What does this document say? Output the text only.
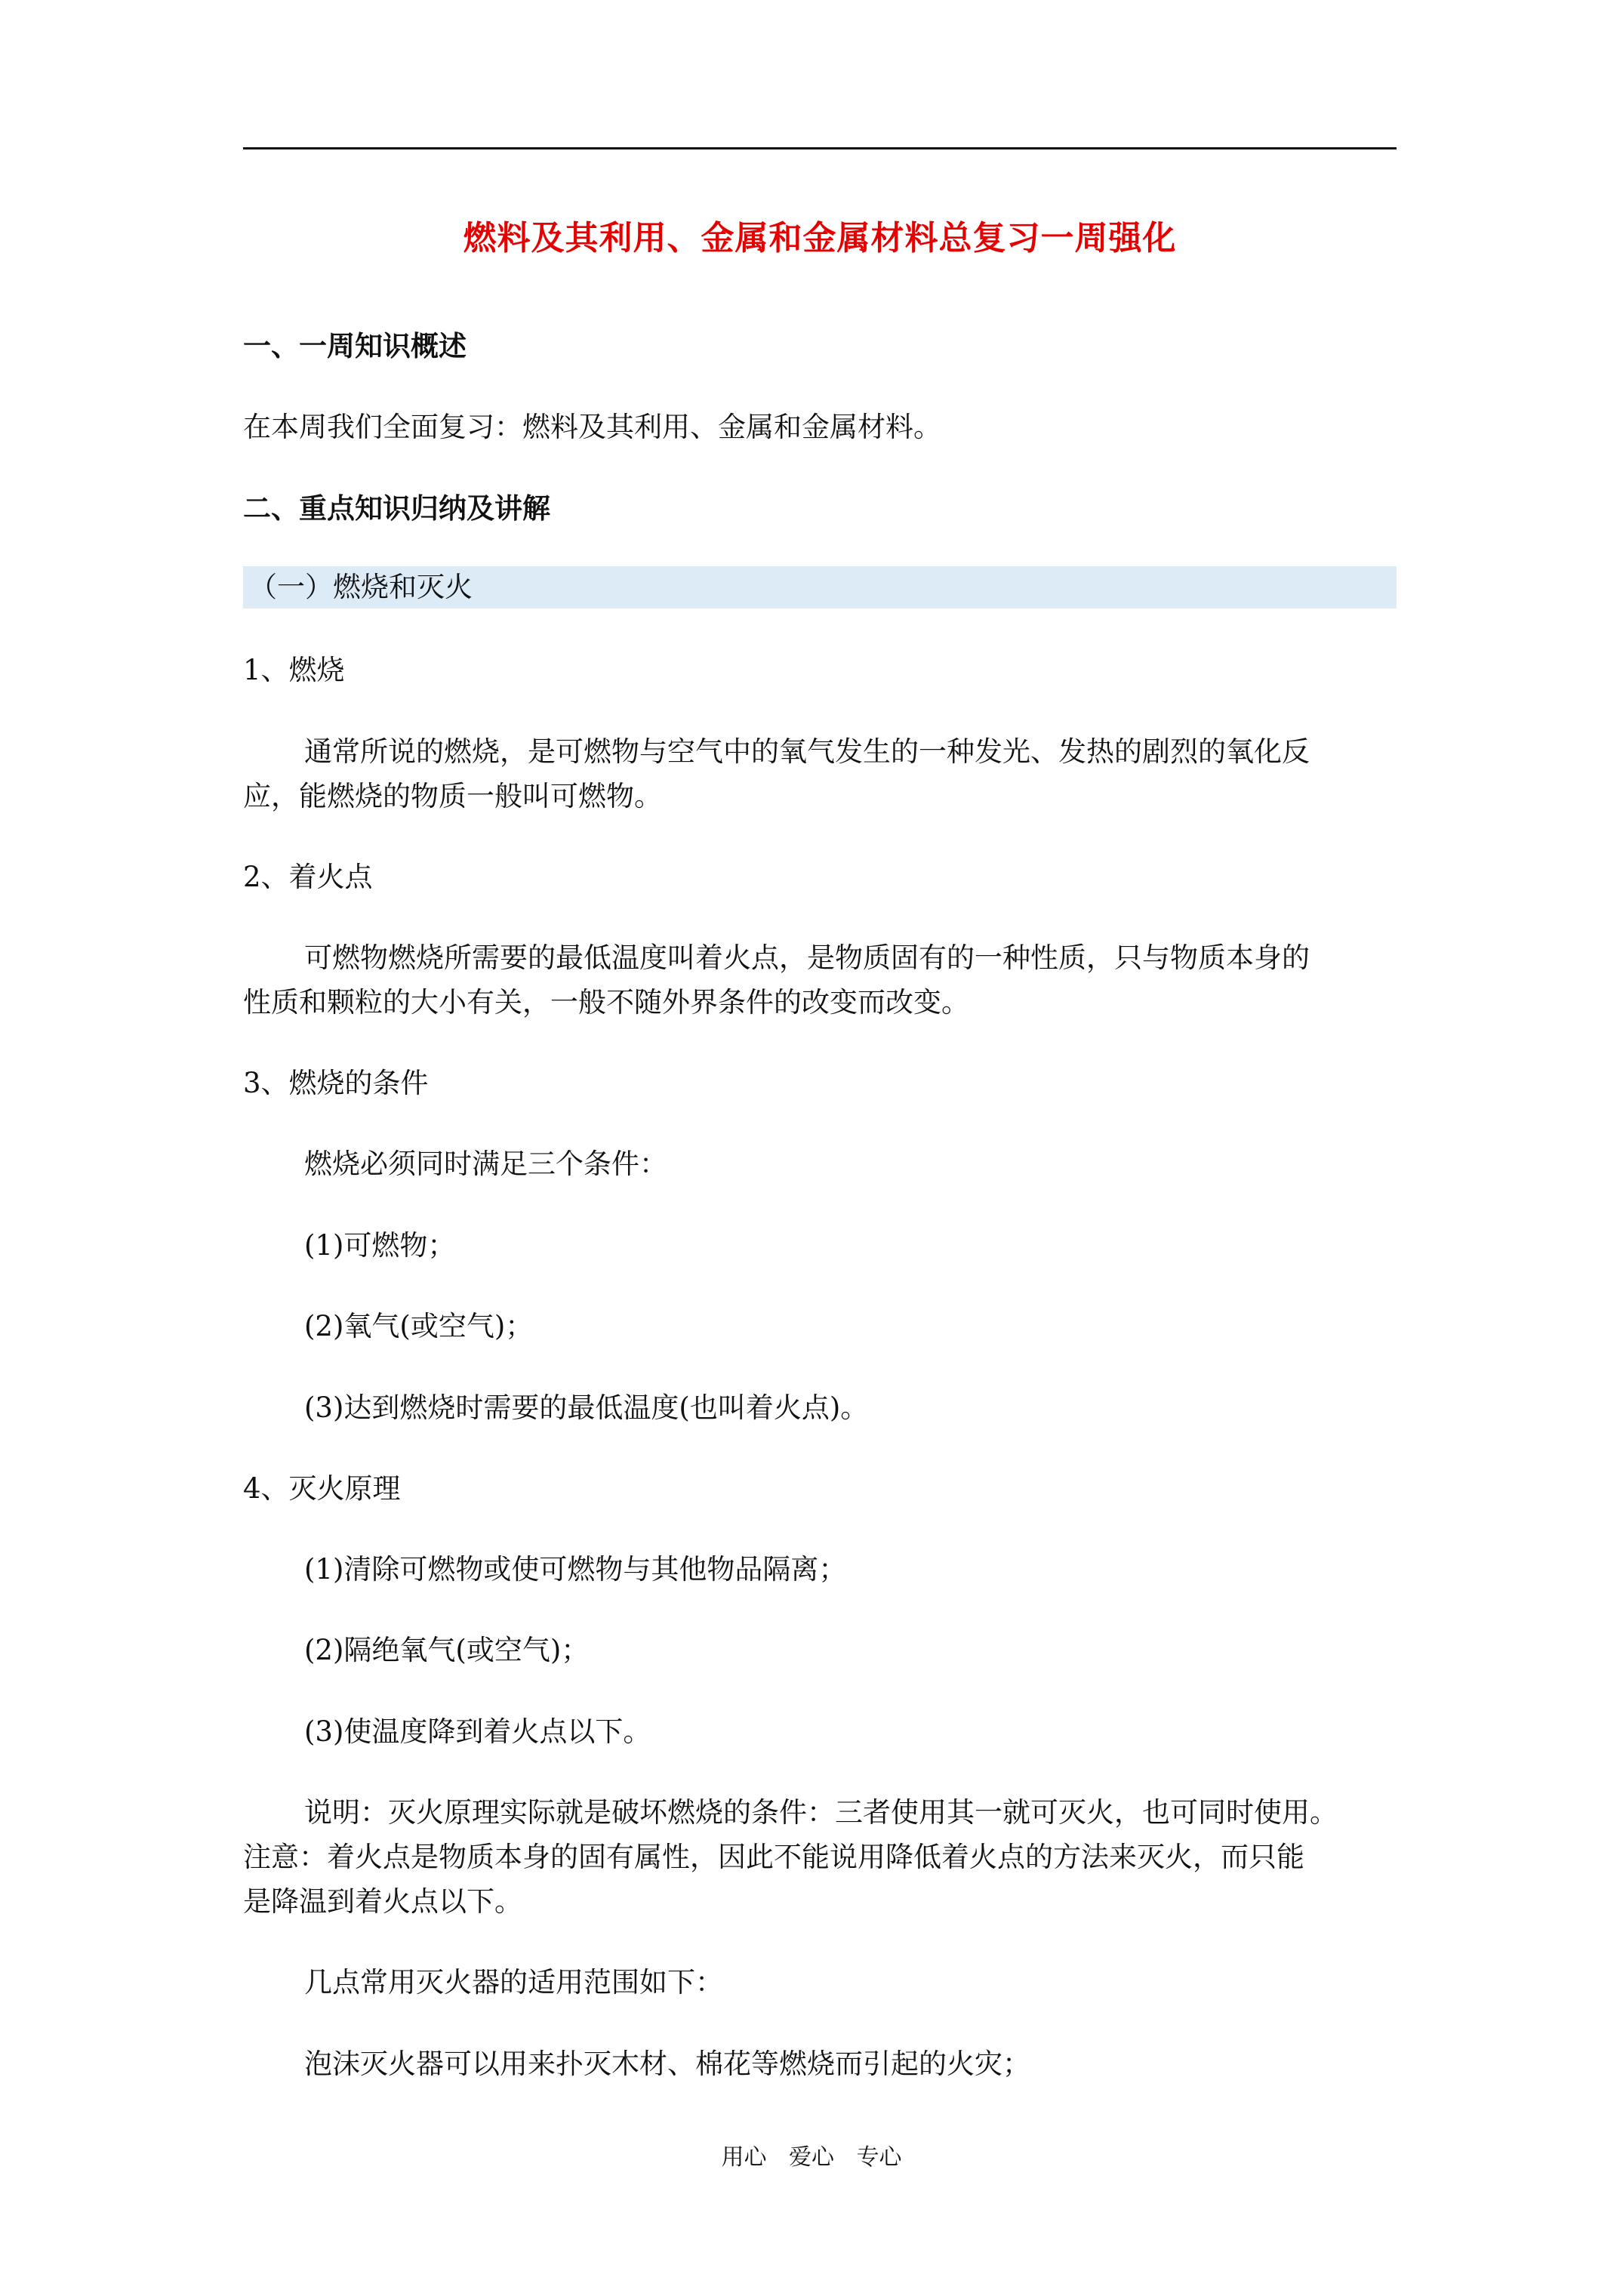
燃料及其利用、金属和金属材料总复习一周强化
一、一周知识概述
在本周我们全面复习：燃料及其利用、金属和金属材料。
二、重点知识归纳及讲解
（一）燃烧和灭火
1、燃烧
通常所说的燃烧，是可燃物与空气中的氧气发生的一种发光、发热的剧烈的氧化反
应，能燃烧的物质一般叫可燃物。
2、着火点
可燃物燃烧所需要的最低温度叫着火点，是物质固有的一种性质，只与物质本身的
性质和颗粒的大小有关，一般不随外界条件的改变而改变。
3、燃烧的条件
燃烧必须同时满足三个条件：
(1)可燃物；
(2)氧气(或空气)；
(3)达到燃烧时需要的最低温度(也叫着火点)。
4、灭火原理
(1)清除可燃物或使可燃物与其他物品隔离；
(2)隔绝氧气(或空气)；
(3)使温度降到着火点以下。
说明：灭火原理实际就是破坏燃烧的条件：三者使用其一就可灭火，也可同时使用。
注意：着火点是物质本身的固有属性，因此不能说用降低着火点的方法来灭火，而只能
是降温到着火点以下。
几点常用灭火器的适用范围如下：
泡沫灭火器可以用来扑灭木材、棉花等燃烧而引起的火灾；
用心 爱心 专心
